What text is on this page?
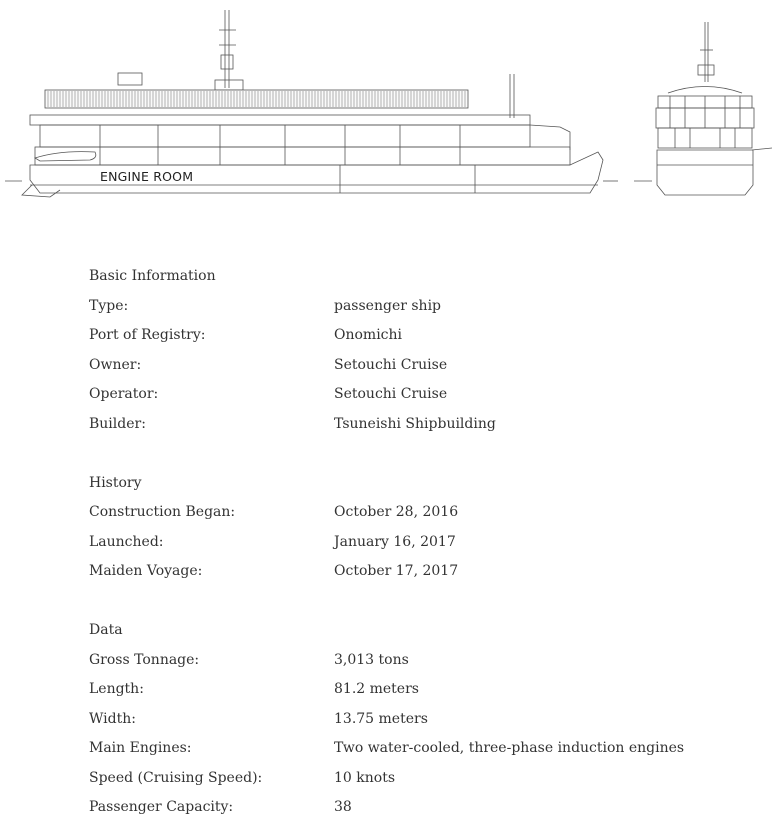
ENGINE ROOM
Basic Information
Type:	passenger ship
Port of Registry:	Onomichi
Owner:	Setouchi Cruise
Operator:	Setouchi Cruise
Builder:	Tsuneishi Shipbuilding
History
Construction Began:	October 28, 2016
Launched:	January 16, 2017
Maiden Voyage:	October 17, 2017
Data
Gross Tonnage:	3,013 tons
Length:	81.2 meters
Width:	13.75 meters
Main Engines:	Two water-cooled, three-phase induction engines
Speed (Cruising Speed):	10 knots
Passenger Capacity:	38
